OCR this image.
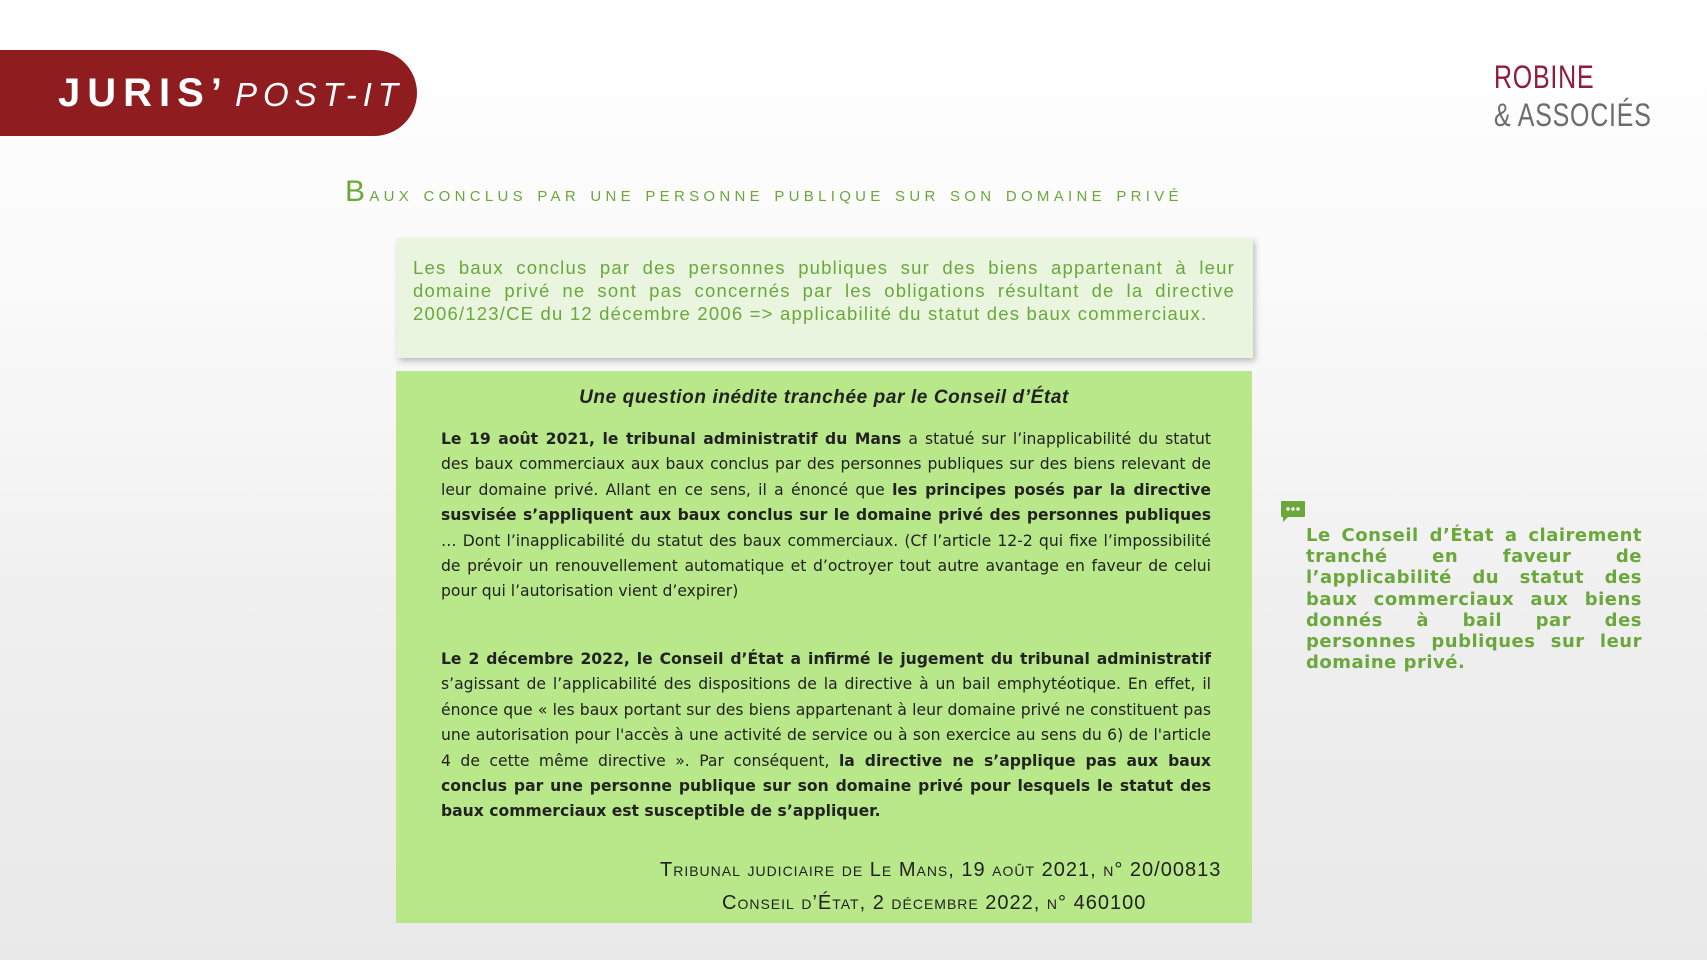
JURIS’ POST-IT	ROBINE
& ASSOCIÉS
Baux conclus par une personne publique sur son domaine privé
Les baux conclus par des personnes publiques sur des biens appartenant à leur domaine privé ne sont pas concernés par les obligations résultant de la directive 2006/123/CE du 12 décembre 2006 => applicabilité du statut des baux commerciaux.
Une question inédite tranchée par le Conseil d’État
Le 19 août 2021, le tribunal administratif du Mans a statué sur l’inapplicabilité du statut des baux commerciaux aux baux conclus par des personnes publiques sur des biens relevant de leur domaine privé. Allant en ce sens, il a énoncé que les principes posés par la directive susvisée s’appliquent aux baux conclus sur le domaine privé des personnes publiques … Dont l’inapplicabilité du statut des baux commerciaux. (Cf l’article 12-2 qui fixe l’impossibilité de prévoir un renouvellement automatique et d’octroyer tout autre avantage en faveur de celui pour qui l’autorisation vient d’expirer)
Le 2 décembre 2022, le Conseil d’État a infirmé le jugement du tribunal administratif s’agissant de l’applicabilité des dispositions de la directive à un bail emphytéotique. En effet, il énonce que « les baux portant sur des biens appartenant à leur domaine privé ne constituent pas une autorisation pour l'accès à une activité de service ou à son exercice au sens du 6) de l'article 4 de cette même directive ». Par conséquent, la directive ne s’applique pas aux baux conclus par une personne publique sur son domaine privé pour lesquels le statut des baux commerciaux est susceptible de s’appliquer.
Tribunal judiciaire de Le Mans, 19 août 2021, n° 20/00813
Conseil d’État, 2 décembre 2022, n° 460100
Le Conseil d’État a clairement tranché en faveur de l’applicabilité du statut des baux commerciaux aux biens donnés à bail par des personnes publiques sur leur domaine privé.
